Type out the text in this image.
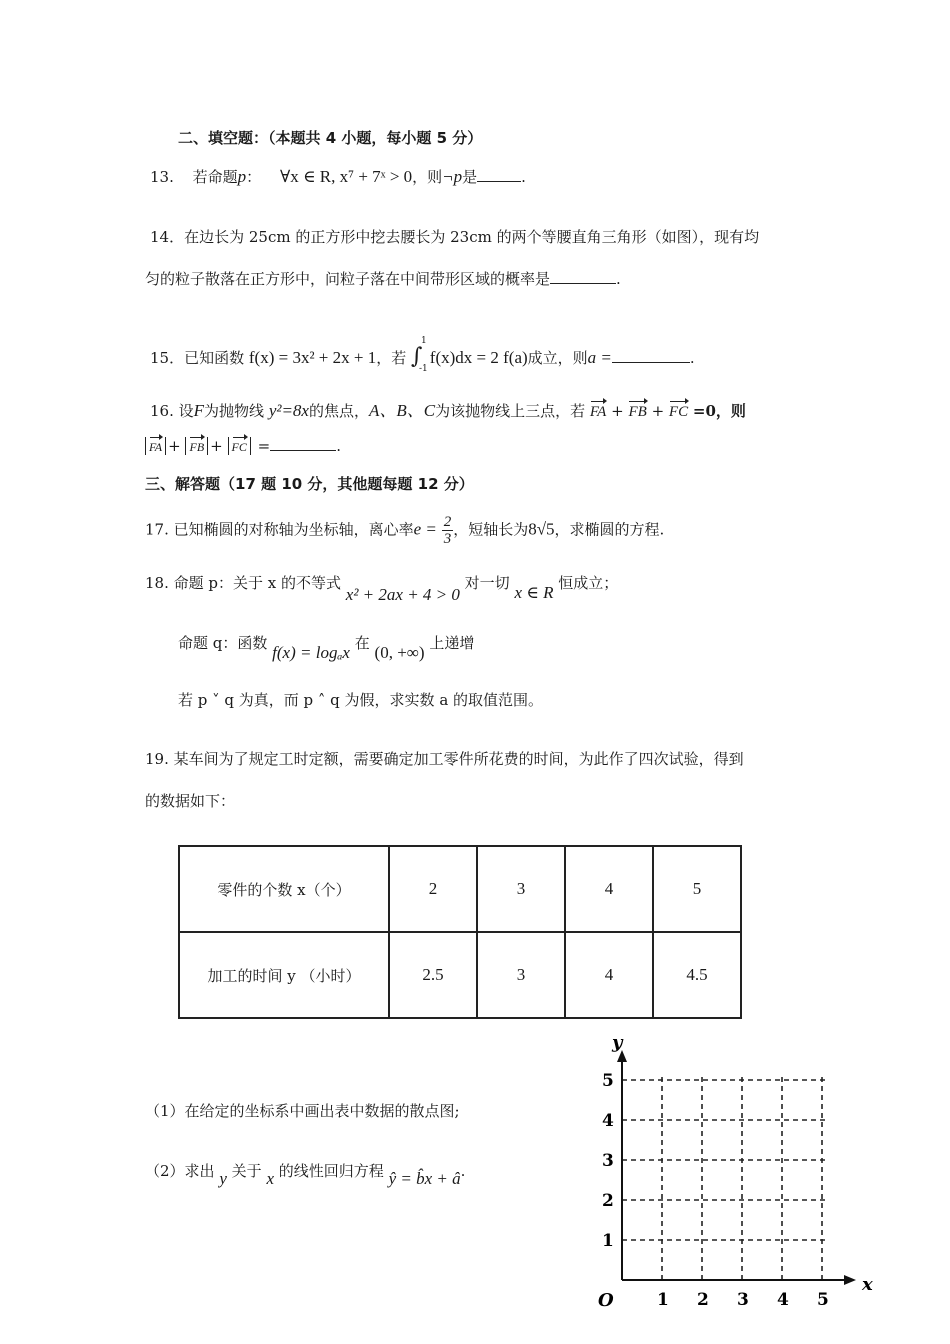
二、填空题：（本题共 4 小题，每小题 5 分）
13. 若命题p： ∀x ∈ R, x⁷ + 7ˣ > 0，则¬p是	.
14．在边长为 25cm 的正方形中挖去腰长为 23cm 的两个等腰直角三角形（如图），现有均
匀的粒子散落在正方形中，问粒子落在中间带形区域的概率是	.
15．已知函数 f(x) = 3x² + 2x + 1，若 ∫
1
-1
f(x)dx = 2 f(a)成立，则a =	.
16. 设F为抛物线 y²=8x的焦点，A、B、C为该抛物线上三点，若 FA + FB + FC =0，则
FA + FB + FC =	.
三、解答题（17 题 10 分，其他题每题 12 分）
17. 已知椭圆的对称轴为坐标轴，离心率$e = \frac{2}{3}$ ，短轴长为8√5，求椭圆的方程.
18. 命题 p：关于 x 的不等式 x² + 2ax + 4 > 0 对一切 x ∈ R 恒成立；
命题 q：函数 f(x) = logₐx 在 (0, +∞) 上递增
若 p ˅ q 为真，而 p ˄ q 为假，求实数 a 的取值范围。
19. 某车间为了规定工时定额，需要确定加工零件所花费的时间，为此作了四次试验，得到
的数据如下：
零件的个数 x（个）	2	3	4	5
加工的时间 y （小时）	2.5	3	4	4.5
（1）在给定的坐标系中画出表中数据的散点图;
（2）求出 y 关于 x 的线性回归方程 ŷ = b̂x + â.
1 2 3 4 5
1
2
3
4
5
O
x
y
